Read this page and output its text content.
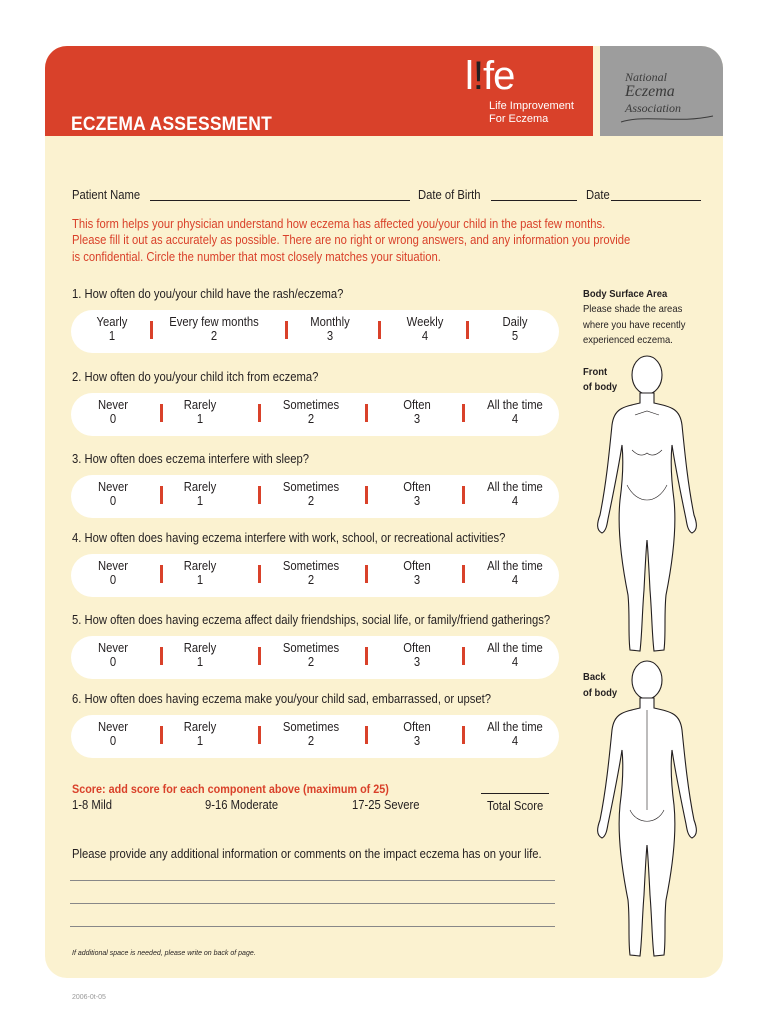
ECZEMA ASSESSMENT
l!fe
Life Improvement
For Eczema
National
Eczema
Association
Patient Name	Date of Birth	Date
This form helps your physician understand how eczema has affected you/your child in the past few months.
Please fill it out as accurately as possible. There are no right or wrong answers, and any information you provide
is confidential. Circle the number that most closely matches your situation.
1. How often do you/your child have the rash/eczema?
Yearly
1
Every few months
2
Monthly
3
Weekly
4
Daily
5
2. How often do you/your child itch from eczema?
Never
0
Rarely
1
Sometimes
2
Often
3
All the time
4
3. How often does eczema interfere with sleep?
Never
0
Rarely
1
Sometimes
2
Often
3
All the time
4
4. How often does having eczema interfere with work, school, or recreational activities?
Never
0
Rarely
1
Sometimes
2
Often
3
All the time
4
5. How often does having eczema affect daily friendships, social life, or family/friend gatherings?
Never
0
Rarely
1
Sometimes
2
Often
3
All the time
4
6. How often does having eczema make you/your child sad, embarrassed, or upset?
Never
0
Rarely
1
Sometimes
2
Often
3
All the time
4
Score: add score for each component above (maximum of 25)
1-8 Mild	9-16 Moderate	17-25 Severe	Total Score
Please provide any additional information or comments on the impact eczema has on your life.
If additional space is needed, please write on back of page.
Body Surface Area
Please shade the areas
where you have recently
experienced eczema.
Front
of body
Back
of body
2006-0t-05
